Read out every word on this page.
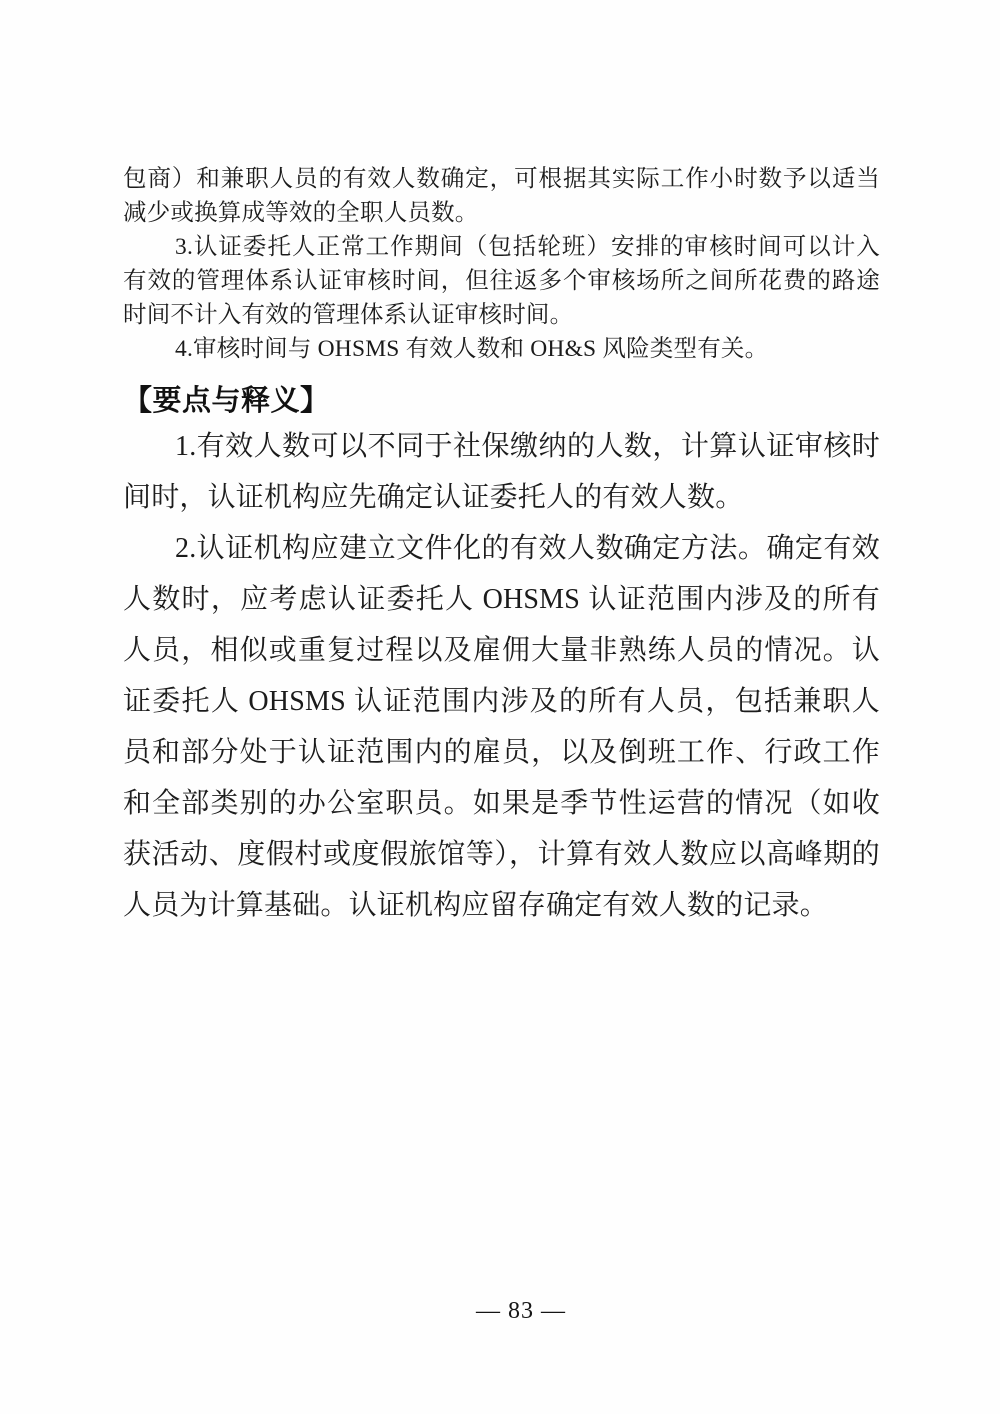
包商）和兼职人员的有效人数确定，可根据其实际工作小时数予以适当减少或换算成等效的全职人员数。

3.认证委托人正常工作期间（包括轮班）安排的审核时间可以计入有效的管理体系认证审核时间，但往返多个审核场所之间所花费的路途时间不计入有效的管理体系认证审核时间。

4.审核时间与 OHSMS 有效人数和 OH&S 风险类型有关。

【要点与释义】

1.有效人数可以不同于社保缴纳的人数，计算认证审核时间时，认证机构应先确定认证委托人的有效人数。

2.认证机构应建立文件化的有效人数确定方法。确定有效人数时，应考虑认证委托人 OHSMS 认证范围内涉及的所有人员，相似或重复过程以及雇佣大量非熟练人员的情况。认证委托人 OHSMS 认证范围内涉及的所有人员，包括兼职人员和部分处于认证范围内的雇员，以及倒班工作、行政工作和全部类别的办公室职员。如果是季节性运营的情况（如收获活动、度假村或度假旅馆等），计算有效人数应以高峰期的人员为计算基础。认证机构应留存确定有效人数的记录。

— 83 —
